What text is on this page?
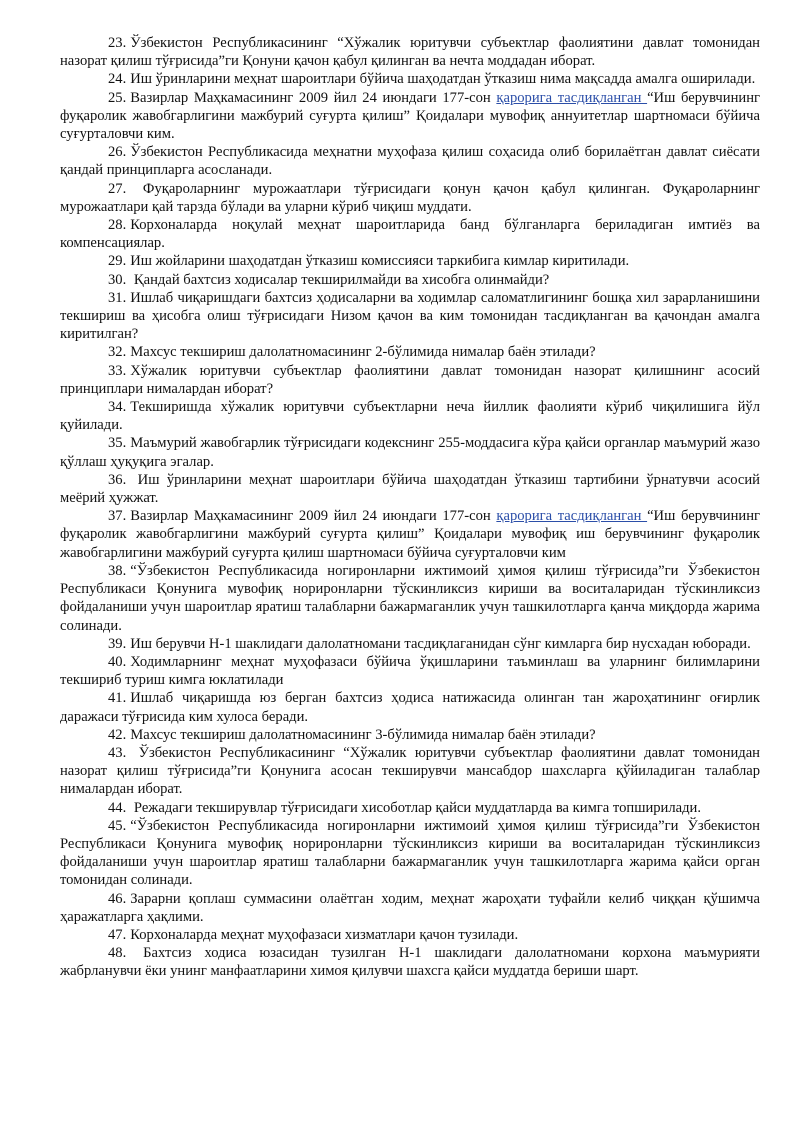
23. Ўзбекистон Республикасининг “Хўжалик юритувчи субъектлар фаолиятини давлат томонидан назорат қилиш тўғрисида”ги Қонуни қачон қабул қилинган ва нечта моддадан иборат.

24. Иш ўринларини меҳнат шароитлари бўйича шаҳодатдан ўтказиш нима мақсадда амалга оширилади.

25. Вазирлар Маҳкамасининг 2009 йил 24 июндаги 177-сон қарорига тасдиқланган “Иш берувчининг фуқаролик жавобгарлигини мажбурий суғурта қилиш” Қоидалари мувофиқ аннуитетлар шартномаси бўйича суғурталовчи ким.

26. Ўзбекистон Республикасида меҳнатни муҳофаза қилиш соҳасида олиб борилаётган давлат сиёсати қандай принципларга асосланади.

27. Фуқароларнинг мурожаатлари тўғрисидаги қонун қачон қабул қилинган. Фуқароларнинг мурожаатлари қай тарзда бўлади ва уларни кўриб чиқиш муддати.

28. Корхоналарда ноқулай меҳнат шароитларида банд бўлганларга бериладиган имтиёз ва компенсациялар.

29. Иш жойларини шаҳодатдан ўтказиш комиссияси таркибига кимлар киритилади.

30. Қандай бахтсиз ходисалар текширилмайди ва хисобга олинмайди?

31. Ишлаб чиқаришдаги бахтсиз ҳодисаларни ва ходимлар саломатлигининг бошқа хил зарарланишини текшириш ва ҳисобга олиш тўғрисидаги Низом қачон ва ким томонидан тасдиқланган ва қачондан амалга киритилган?

32. Махсус текшириш далолатномасининг 2-бўлимида нималар баён этилади?

33. Хўжалик юритувчи субъектлар фаолиятини давлат томонидан назорат қилишнинг асосий принциплари нималардан иборат?

34. Текширишда хўжалик юритувчи субъектларни неча йиллик фаолияти кўриб чиқилишига йўл қуйилади.

35. Маъмурий жавобгарлик тўғрисидаги кодекснинг 255-моддасига кўра қайси органлар маъмурий жазо қўллаш ҳуқуқига эгалар.

36. Иш ўринларини меҳнат шароитлари бўйича шаҳодатдан ўтказиш тартибини ўрнатувчи асосий меёрий ҳужжат.

37. Вазирлар Маҳкамасининг 2009 йил 24 июндаги 177-сон қарорига тасдиқланган “Иш берувчининг фуқаролик жавобгарлигини мажбурий суғурта қилиш” Қоидалари мувофиқ иш берувчининг фуқаролик жавобгарлигини мажбурий суғурта қилиш шартномаси бўйича суғурталовчи ким

38. “Ўзбекистон Республикасида ногиронларни ижтимоий ҳимоя қилиш тўғрисида”ги Ўзбекистон Республикаси Қонунига мувофиқ нориронларни тўскинликсиз кириши ва воситаларидан тўскинликсиз фойдаланиши учун шароитлар яратиш талабларни бажармаганлик учун ташкилотларга қанча миқдорда жарима солинади.

39. Иш берувчи Н-1 шаклидаги далолатномани тасдиқлаганидан сўнг кимларга бир нусхадан юборади.

40. Ходимларнинг меҳнат муҳофазаси бўйича ўқишларини таъминлаш ва уларнинг билимларини текшириб туриш кимга юклатилади

41. Ишлаб чиқаришда юз берган бахтсиз ҳодиса натижасида олинган тан жароҳатининг оғирлик даражаси тўғрисида ким хулоса беради.

42. Махсус текшириш далолатномасининг 3-бўлимида нималар баён этилади?

43. Ўзбекистон Республикасининг “Хўжалик юритувчи субъектлар фаолиятини давлат томонидан назорат қилиш тўғрисида”ги Қонунига асосан текширувчи мансабдор шахсларга қўйиладиган талаблар нималардан иборат.

44. Режадаги текширувлар тўғрисидаги хисоботлар қайси муддатларда ва кимга топширилади.

45. “Ўзбекистон Республикасида ногиронларни ижтимоий ҳимоя қилиш тўғрисида”ги Ўзбекистон Республикаси Қонунига мувофиқ нориронларни тўскинликсиз кириши ва воситаларидан тўскинликсиз фойдаланиши учун шароитлар яратиш талабларни бажармаганлик учун ташкилотларга жарима қайси орган томонидан солинади.

46. Зарарни қоплаш суммасини олаётган ходим, меҳнат жароҳати туфайли келиб чиққан қўшимча ҳаражатларга ҳақлими.

47. Корхоналарда меҳнат муҳофазаси хизматлари қачон тузилади.

48. Бахтсиз ходиса юзасидан тузилган Н-1 шаклидаги далолатномани корхона маъмурияти жабрланувчи ёки унинг манфаатларини химоя қилувчи шахсга қайси муддатда бериши шарт.
